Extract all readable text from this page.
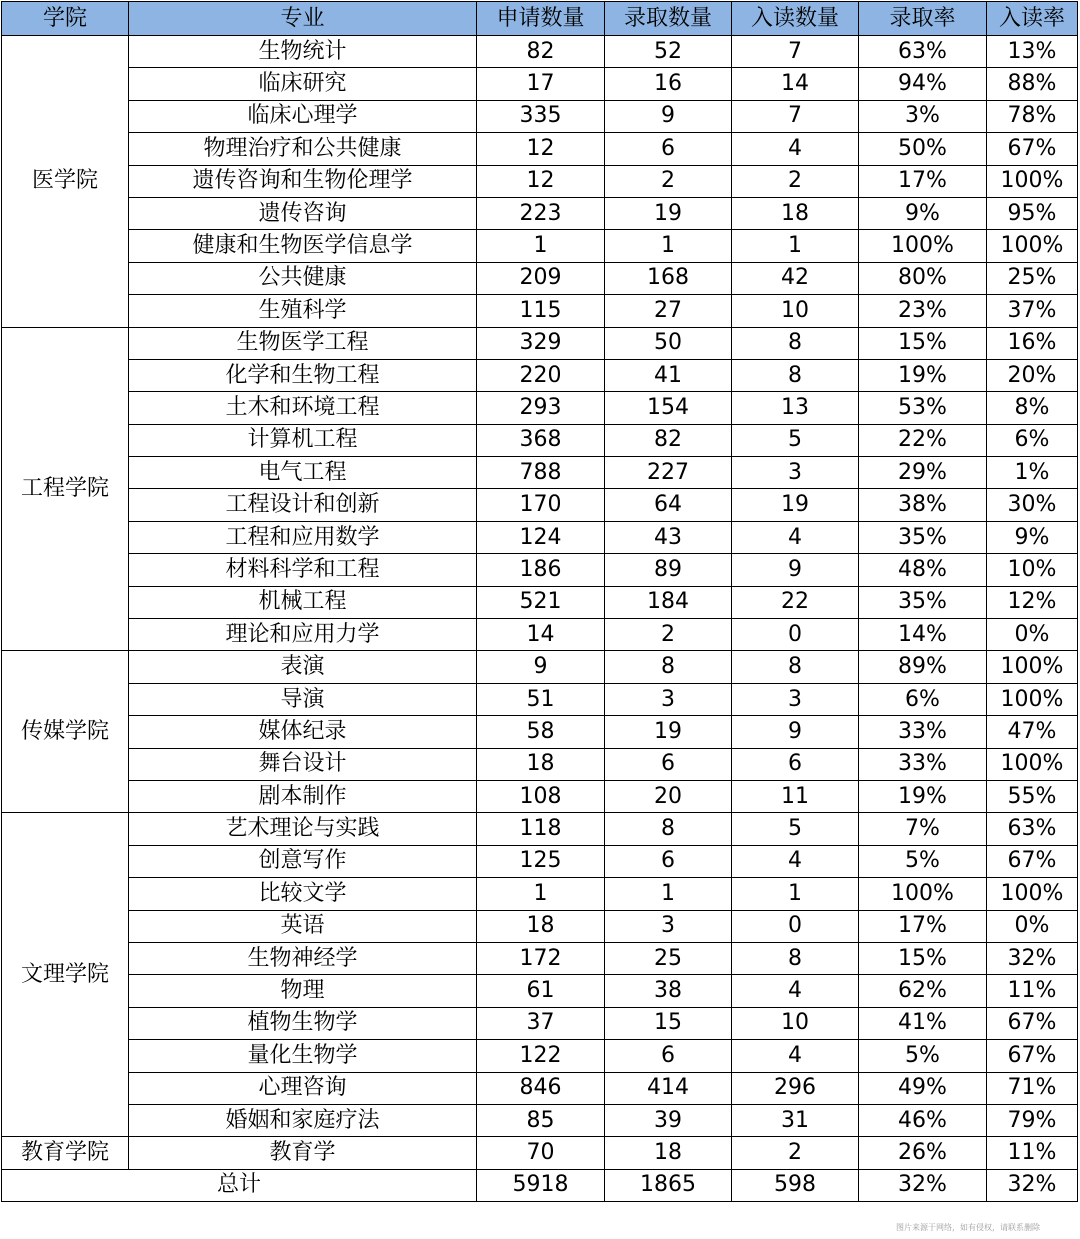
学院	专业	申请数量	录取数量	入读数量	录取率	入读率
医学院	生物统计	82	52	7	63%	13%
	临床研究	17	16	14	94%	88%
	临床心理学	335	9	7	3%	78%
	物理治疗和公共健康	12	6	4	50%	67%
	遗传咨询和生物伦理学	12	2	2	17%	100%
	遗传咨询	223	19	18	9%	95%
	健康和生物医学信息学	1	1	1	100%	100%
	公共健康	209	168	42	80%	25%
	生殖科学	115	27	10	23%	37%
工程学院	生物医学工程	329	50	8	15%	16%
	化学和生物工程	220	41	8	19%	20%
	土木和环境工程	293	154	13	53%	8%
	计算机工程	368	82	5	22%	6%
	电气工程	788	227	3	29%	1%
	工程设计和创新	170	64	19	38%	30%
	工程和应用数学	124	43	4	35%	9%
	材料科学和工程	186	89	9	48%	10%
	机械工程	521	184	22	35%	12%
	理论和应用力学	14	2	0	14%	0%
传媒学院	表演	9	8	8	89%	100%
	导演	51	3	3	6%	100%
	媒体纪录	58	19	9	33%	47%
	舞台设计	18	6	6	33%	100%
	剧本制作	108	20	11	19%	55%
文理学院	艺术理论与实践	118	8	5	7%	63%
	创意写作	125	6	4	5%	67%
	比较文学	1	1	1	100%	100%
	英语	18	3	0	17%	0%
	生物神经学	172	25	8	15%	32%
	物理	61	38	4	62%	11%
	植物生物学	37	15	10	41%	67%
	量化生物学	122	6	4	5%	67%
	心理咨询	846	414	296	49%	71%
	婚姻和家庭疗法	85	39	31	46%	79%
教育学院	教育学	70	18	2	26%	11%
总计		5918	1865	598	32%	32%
图片来源于网络，如有侵权，请联系删除
